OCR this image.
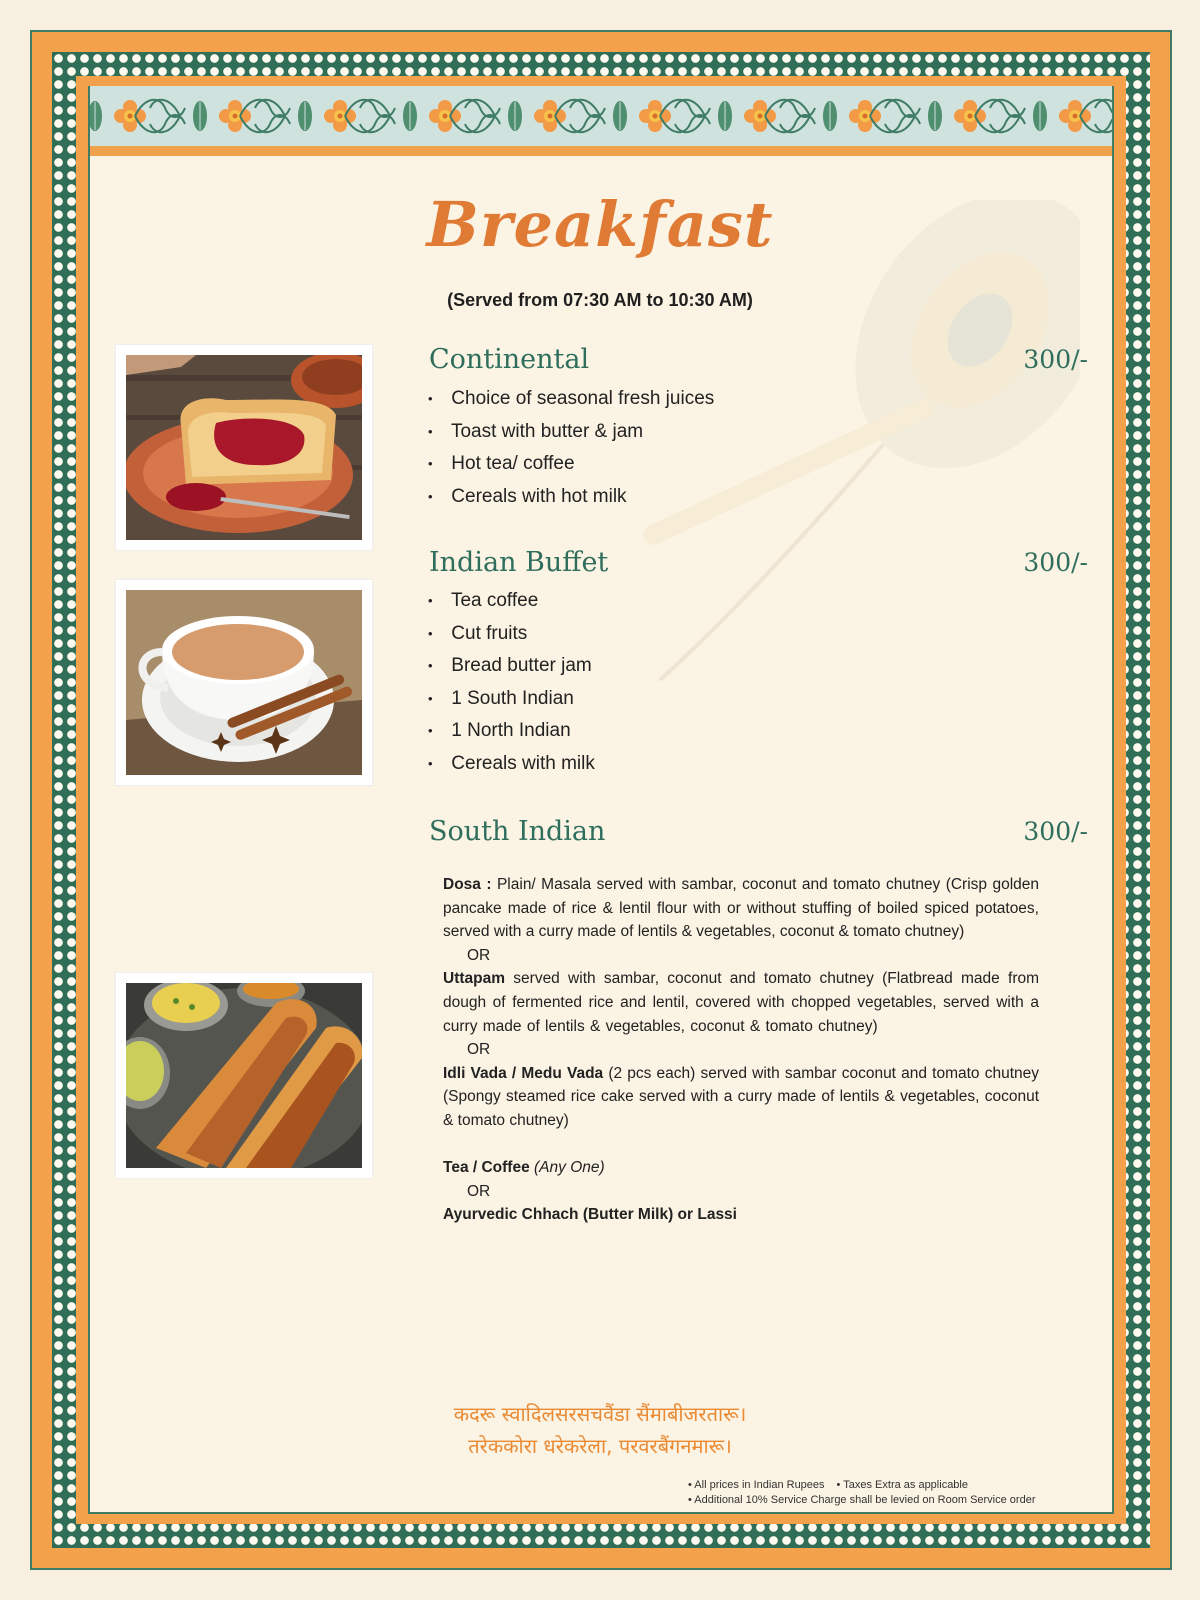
Breakfast
(Served from 07:30 AM to 10:30 AM)
Continental	300/-
• Choice of seasonal fresh juices
• Toast with butter & jam
• Hot tea/ coffee
• Cereals with hot milk
Indian Buffet	300/-
• Tea coffee
• Cut fruits
• Bread butter jam
• 1 South Indian
• 1 North Indian
• Cereals with milk
South Indian	300/-

Dosa : Plain/ Masala served with sambar, coconut and tomato chutney (Crisp golden pancake made of rice & lentil flour with or without stuffing of boiled spiced potatoes, served with a curry made of lentils & vegetables, coconut & tomato chutney)

OR

Uttapam served with sambar, coconut and tomato chutney (Flatbread made from dough of fermented rice and lentil, covered with chopped vegetables, served with a curry made of lentils & vegetables, coconut & tomato chutney)

OR

Idli Vada / Medu Vada (2 pcs each) served with sambar coconut and tomato chutney (Spongy steamed rice cake served with a curry made of lentils & vegetables, coconut & tomato chutney)

Tea / Coffee (Any One)

OR

Ayurvedic Chhach (Butter Milk) or Lassi

कदरू स्वादिलसरसचवैंडा सैंमाबीजरतारू।
तरेककोरा धरेकरेला, परवरबैंगनमारू।
• All prices in Indian Rupees • Taxes Extra as applicable
• Additional 10% Service Charge shall be levied on Room Service order
